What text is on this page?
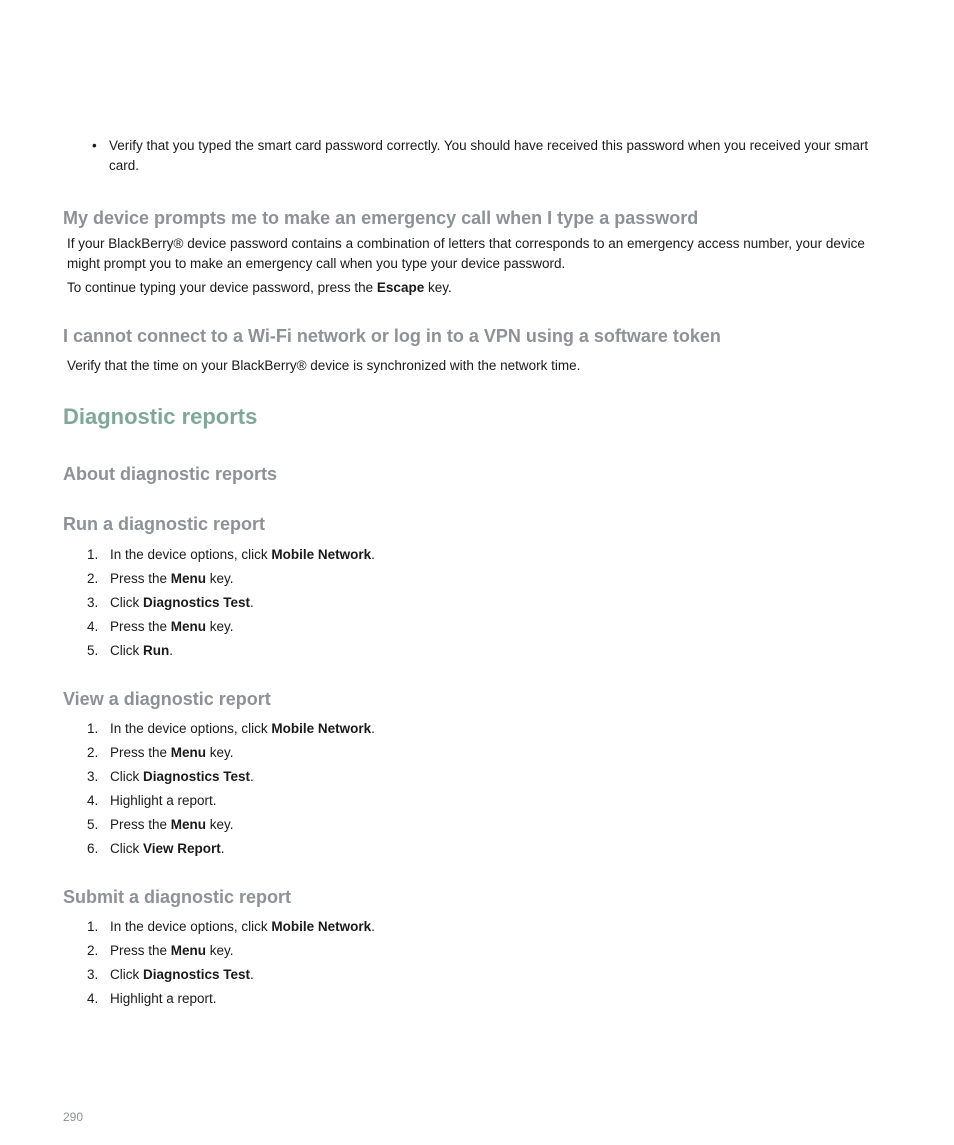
• Verify that you typed the smart card password correctly. You should have received this password when you received your smart card.
My device prompts me to make an emergency call when I type a password

If your BlackBerry® device password contains a combination of letters that corresponds to an emergency access number, your device might prompt you to make an emergency call when you type your device password.

To continue typing your device password, press the Escape key.

I cannot connect to a Wi-Fi network or log in to a VPN using a software token

Verify that the time on your BlackBerry® device is synchronized with the network time.

Diagnostic reports
About diagnostic reports
Run a diagnostic report
1. In the device options, click Mobile Network.
2. Press the Menu key.
3. Click Diagnostics Test.
4. Press the Menu key.
5. Click Run.
View a diagnostic report
1. In the device options, click Mobile Network.
2. Press the Menu key.
3. Click Diagnostics Test.
4. Highlight a report.
5. Press the Menu key.
6. Click View Report.
Submit a diagnostic report
1. In the device options, click Mobile Network.
2. Press the Menu key.
3. Click Diagnostics Test.
4. Highlight a report.
290
